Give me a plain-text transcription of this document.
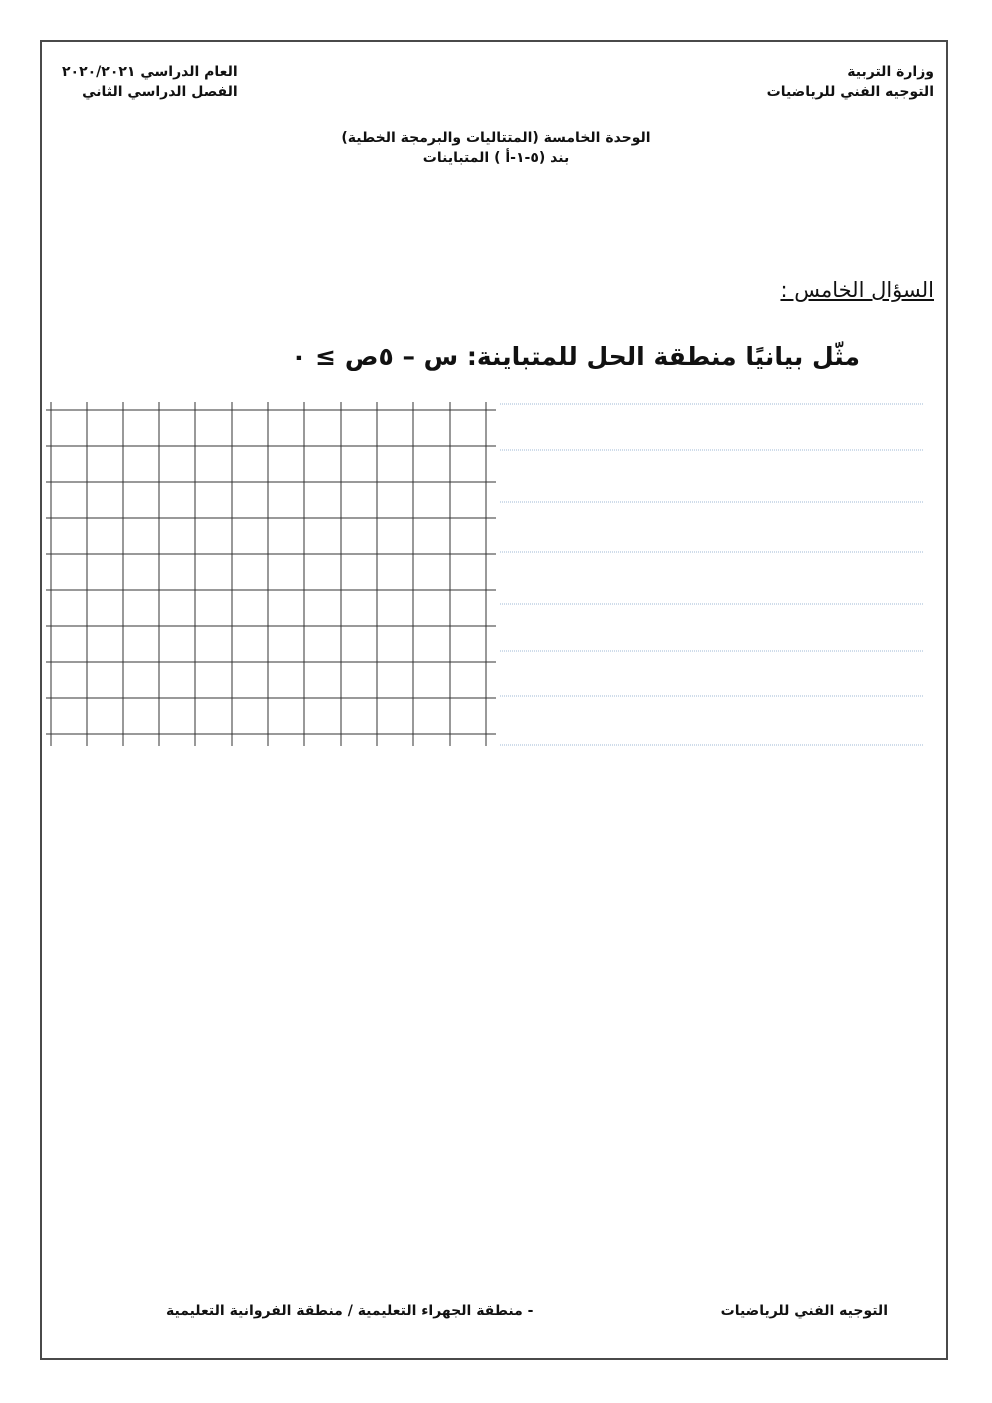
وزارة التربية
التوجيه الفني للرياضيات
العام الدراسي ٢٠٢٠/٢٠٢١
الفصل الدراسي الثاني
الوحدة الخامسة (المتتاليات والبرمجة الخطية)
بند (٥-١-أ ) المتباينات
السؤال الخامس :
مثّل بيانيًا منطقة الحل للمتباينة: س – ٥ص ≥ ٠
التوجيه الفني للرياضيات
- منطقة الجهراء التعليمية / منطقة الفروانية التعليمية
